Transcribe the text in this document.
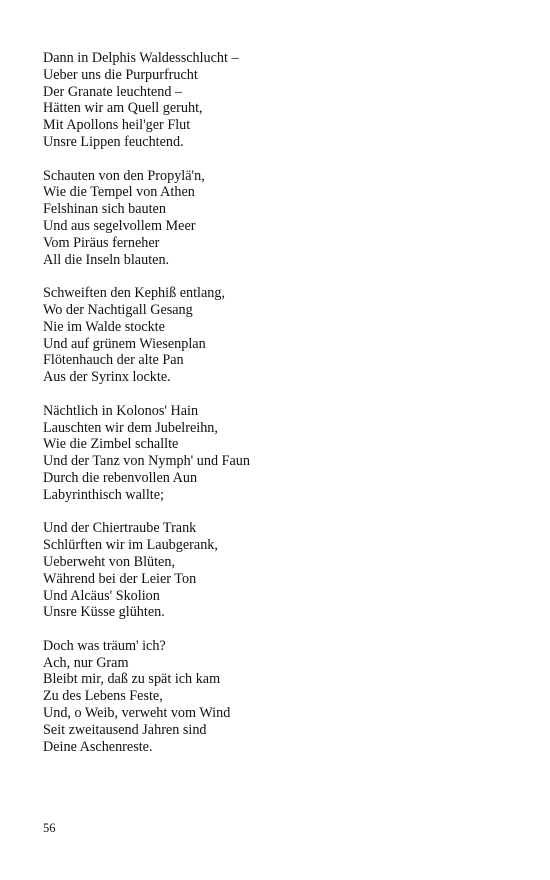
Dann in Delphis Waldesschlucht –
Ueber uns die Purpurfrucht
Der Granate leuchtend –
Hätten wir am Quell geruht,
Mit Apollons heil'ger Flut
Unsre Lippen feuchtend.
Schauten von den Propylä'n,
Wie die Tempel von Athen
Felshinan sich bauten
Und aus segelvollem Meer
Vom Piräus ferneher
All die Inseln blauten.
Schweiften den Kephiß entlang,
Wo der Nachtigall Gesang
Nie im Walde stockte
Und auf grünem Wiesenplan
Flötenhauch der alte Pan
Aus der Syrinx lockte.
Nächtlich in Kolonos' Hain
Lauschten wir dem Jubelreihn,
Wie die Zimbel schallte
Und der Tanz von Nymph' und Faun
Durch die rebenvollen Aun
Labyrinthisch wallte;
Und der Chiertraube Trank
Schlürften wir im Laubgerank,
Ueberweht von Blüten,
Während bei der Leier Ton
Und Alcäus' Skolion
Unsre Küsse glühten.
Doch was träum' ich?
Ach, nur Gram
Bleibt mir, daß zu spät ich kam
Zu des Lebens Feste,
Und, o Weib, verweht vom Wind
Seit zweitausend Jahren sind
Deine Aschenreste.
56
